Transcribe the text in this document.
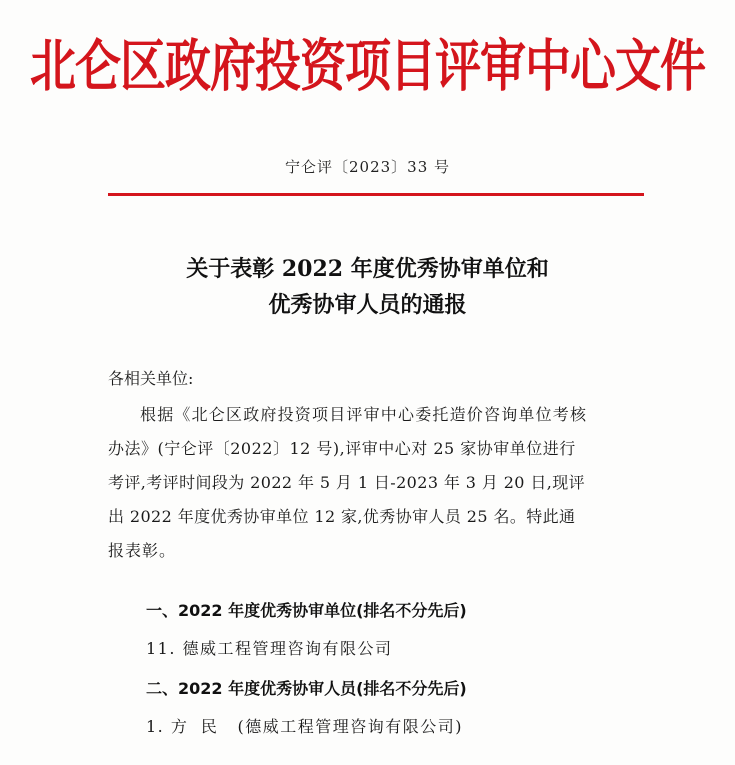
北仑区政府投资项目评审中心文件
宁仑评〔2023〕33 号
关于表彰 2022 年度优秀协审单位和
优秀协审人员的通报
各相关单位:
根据《北仑区政府投资项目评审中心委托造价咨询单位考核
办法》(宁仑评〔2022〕12 号),评审中心对 25 家协审单位进行
考评,考评时间段为 2022 年 5 月 1 日-2023 年 3 月 20 日,现评
出 2022 年度优秀协审单位 12 家,优秀协审人员 25 名。特此通
报表彰。
一、2022 年度优秀协审单位(排名不分先后)
11. 德威工程管理咨询有限公司
二、2022 年度优秀协审人员(排名不分先后)
1. 方民 (德威工程管理咨询有限公司)
